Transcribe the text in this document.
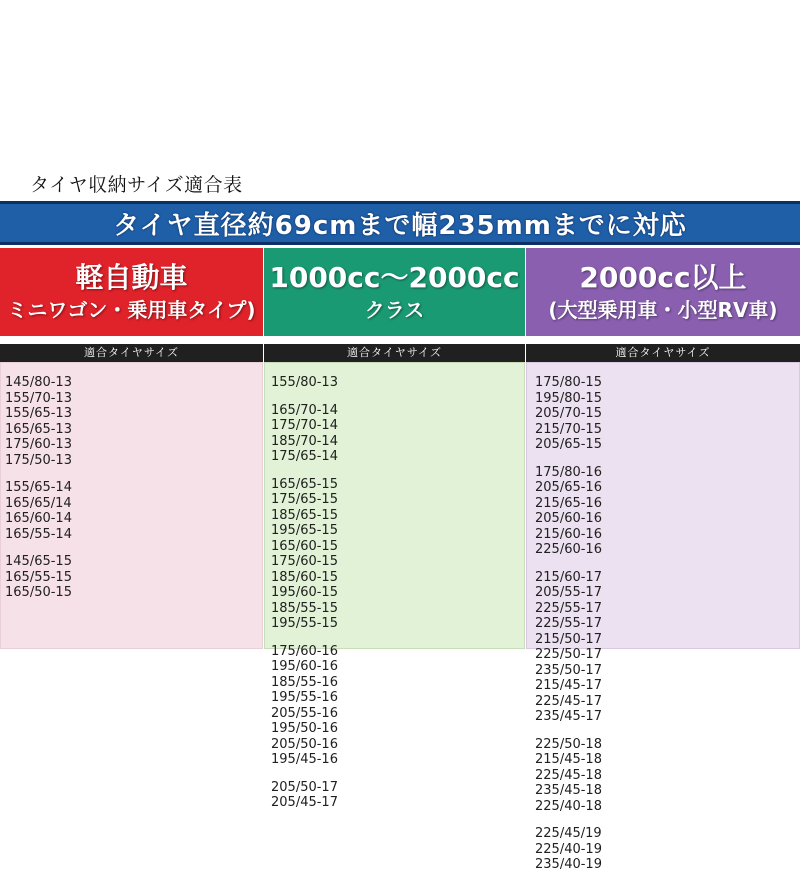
タイヤ収納サイズ適合表
タイヤ直径約69cmまで幅235mmまでに対応
軽自動車
ミニワゴン・乗用車タイプ)
適合タイヤサイズ
145/80-13
155/70-13
155/65-13
165/65-13
175/60-13
175/50-13
155/65-14
165/65/14
165/60-14
165/55-14
145/65-15
165/55-15
165/50-15
1000cc〜2000cc
クラス
適合タイヤサイズ
155/80-13
165/70-14
175/70-14
185/70-14
175/65-14
165/65-15
175/65-15
185/65-15
195/65-15
165/60-15
175/60-15
185/60-15
195/60-15
185/55-15
195/55-15
175/60-16
195/60-16
185/55-16
195/55-16
205/55-16
195/50-16
205/50-16
195/45-16
205/50-17
205/45-17
2000cc以上
(大型乗用車・小型RV車)
適合タイヤサイズ
175/80-15
195/80-15
205/70-15
215/70-15
205/65-15
175/80-16
205/65-16
215/65-16
205/60-16
215/60-16
225/60-16
215/60-17
205/55-17
225/55-17
225/55-17
215/50-17
225/50-17
235/50-17
215/45-17
225/45-17
235/45-17
225/50-18
215/45-18
225/45-18
235/45-18
225/40-18
225/45/19
225/40-19
235/40-19
